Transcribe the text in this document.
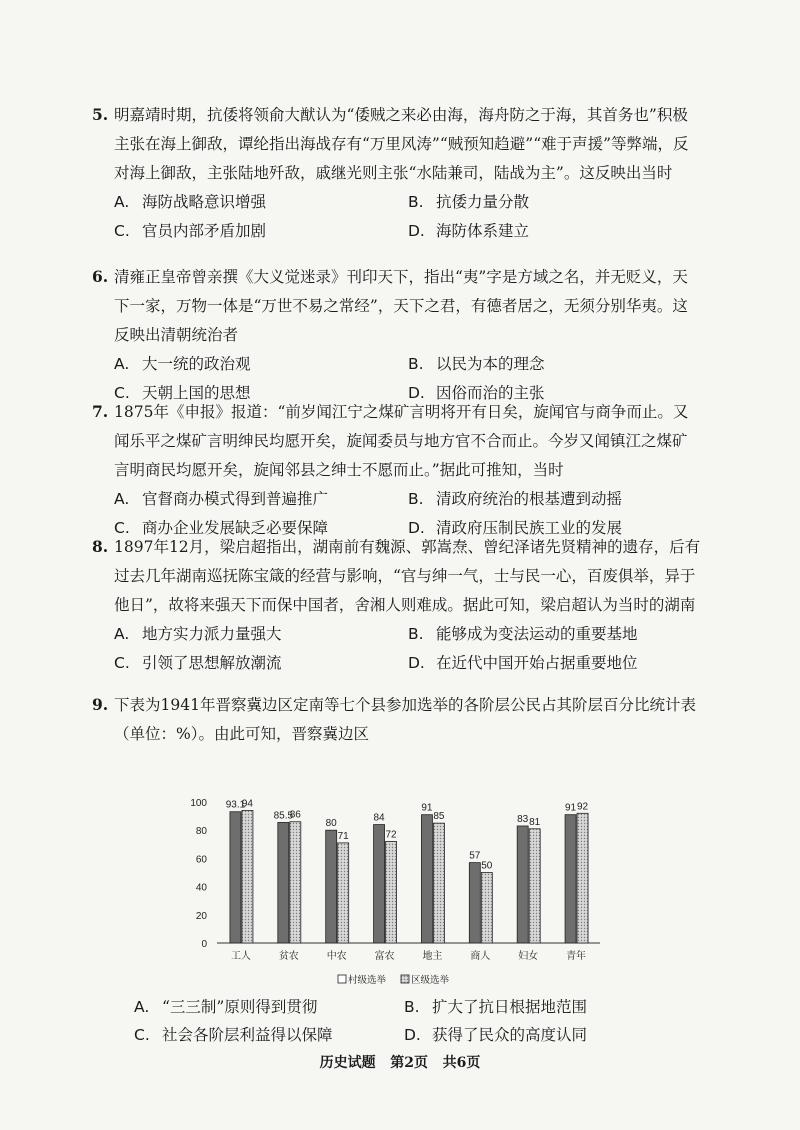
5. 明嘉靖时期，抗倭将领俞大猷认为“倭贼之来必由海，海舟防之于海，其首务也”积极主张在海上御敌，谭纶指出海战存有“万里风涛”“贼预知趋避”“难于声援”等弊端，反对海上御敌，主张陆地歼敌，戚继光则主张“水陆兼司，陆战为主”。这反映出当时

A. 海防战略意识增强	B. 抗倭力量分散
C. 官员内部矛盾加剧	D. 海防体系建立

6. 清雍正皇帝曾亲撰《大义觉迷录》刊印天下，指出“夷”字是方域之名，并无贬义，天下一家，万物一体是“万世不易之常经”，天下之君，有德者居之，无须分别华夷。这反映出清朝统治者

A. 大一统的政治观	B. 以民为本的理念
C. 天朝上国的思想	D. 因俗而治的主张

7. 1875年《申报》报道：“前岁闻江宁之煤矿言明将开有日矣，旋闻官与商争而止。又闻乐平之煤矿言明绅民均愿开矣，旋闻委员与地方官不合而止。今岁又闻镇江之煤矿言明商民均愿开矣，旋闻邻县之绅士不愿而止。”据此可推知，当时

A. 官督商办模式得到普遍推广	B. 清政府统治的根基遭到动摇
C. 商办企业发展缺乏必要保障	D. 清政府压制民族工业的发展

8. 1897年12月，梁启超指出，湖南前有魏源、郭嵩焘、曾纪泽诸先贤精神的遗存，后有过去几年湖南巡抚陈宝箴的经营与影响，“官与绅一气，士与民一心，百废俱举，异于他日”，故将来强天下而保中国者，舍湘人则难成。据此可知，梁启超认为当时的湖南

A. 地方实力派力量强大	B. 能够成为变法运动的重要基地
C. 引领了思想解放潮流	D. 在近代中国开始占据重要地位

9. 下表为1941年晋察冀边区定南等七个县参加选举的各阶层公民占其阶层百分比统计表（单位：%）。由此可知，晋察冀边区

100
80
60
40
20
0
93.1
94
工人
85.5
86
贫农
80
71
中农
84
72
富农
91
85
地主
57
50
商人
83 81
妇女
91 92
青年
村级选举	区级选举
A. “三三制”原则得到贯彻	B. 扩大了抗日根据地范围
C. 社会各阶层利益得以保障	D. 获得了民众的高度认同
历史试题 第2页 共6页
